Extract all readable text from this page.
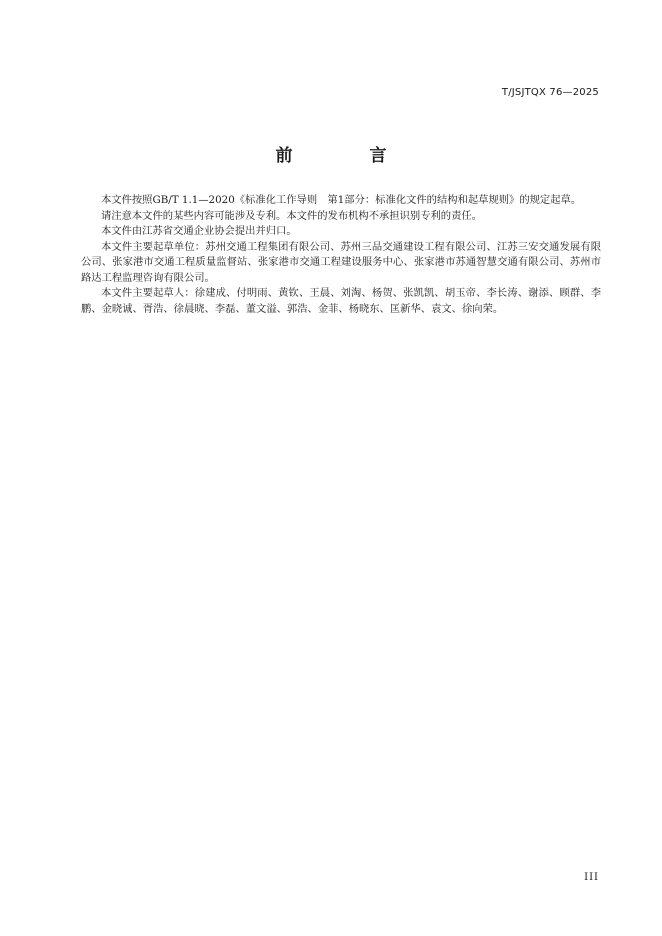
T/JSJTQX 76—2025
前　言

本文件按照GB/T 1.1—2020《标准化工作导则　第1部分：标准化文件的结构和起草规则》的规定起草。

请注意本文件的某些内容可能涉及专利。本文件的发布机构不承担识别专利的责任。

本文件由江苏省交通企业协会提出并归口。

本文件主要起草单位：苏州交通工程集团有限公司、苏州三品交通建设工程有限公司、江苏三安交通发展有限公司、张家港市交通工程质量监督站、张家港市交通工程建设服务中心、张家港市苏通智慧交通有限公司、苏州市路达工程监理咨询有限公司。

本文件主要起草人：徐建成、付明雨、黄钦、王晨、刘淘、杨贺、张凯凯、胡玉帝、李长涛、谢添、顾群、李鹏、金晓诚、胥浩、徐晨晓、李磊、董文溢、郭浩、金菲、杨晓东、匡新华、袁文、徐向荣。

III
